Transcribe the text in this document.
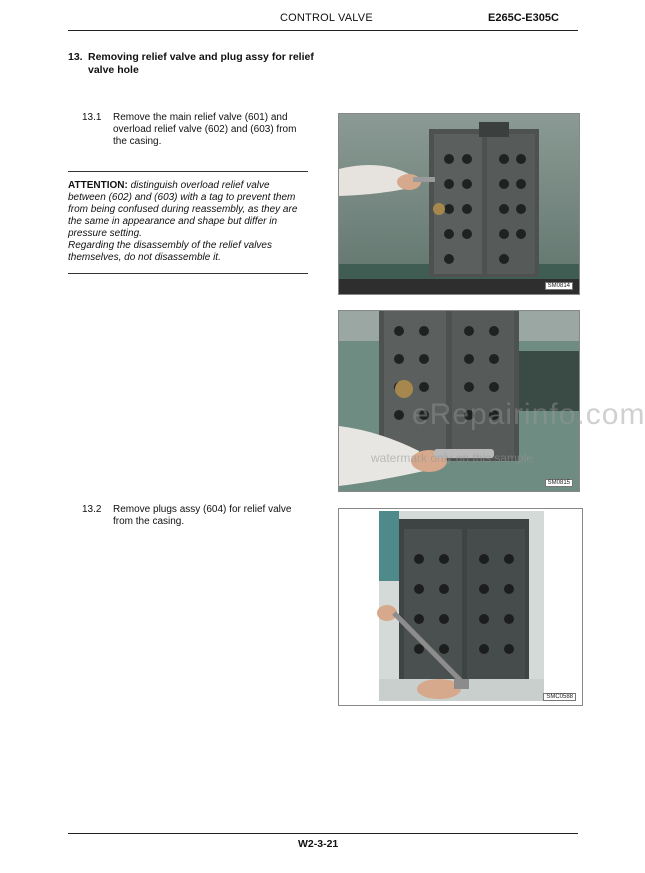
CONTROL VALVE	E265C-E305C
13. Removing relief valve and plug assy for relief valve hole
13.1 Remove the main relief valve (601) and
overload relief valve (602) and (603) from
the casing.
ATTENTION: distinguish overload relief valve
between (602) and (603) with a tag to prevent them
from being confused during reassembly, as they are
the same in appearance and shape but differ in
pressure setting.
Regarding the disassembly of the relief valves
themselves, do not disassemble it.
SM0814
SM0815
eRepairinfo.com
watermark only on this sample
13.2 Remove plugs assy (604) for relief valve
from the casing.
SMC0588
W2-3-21
